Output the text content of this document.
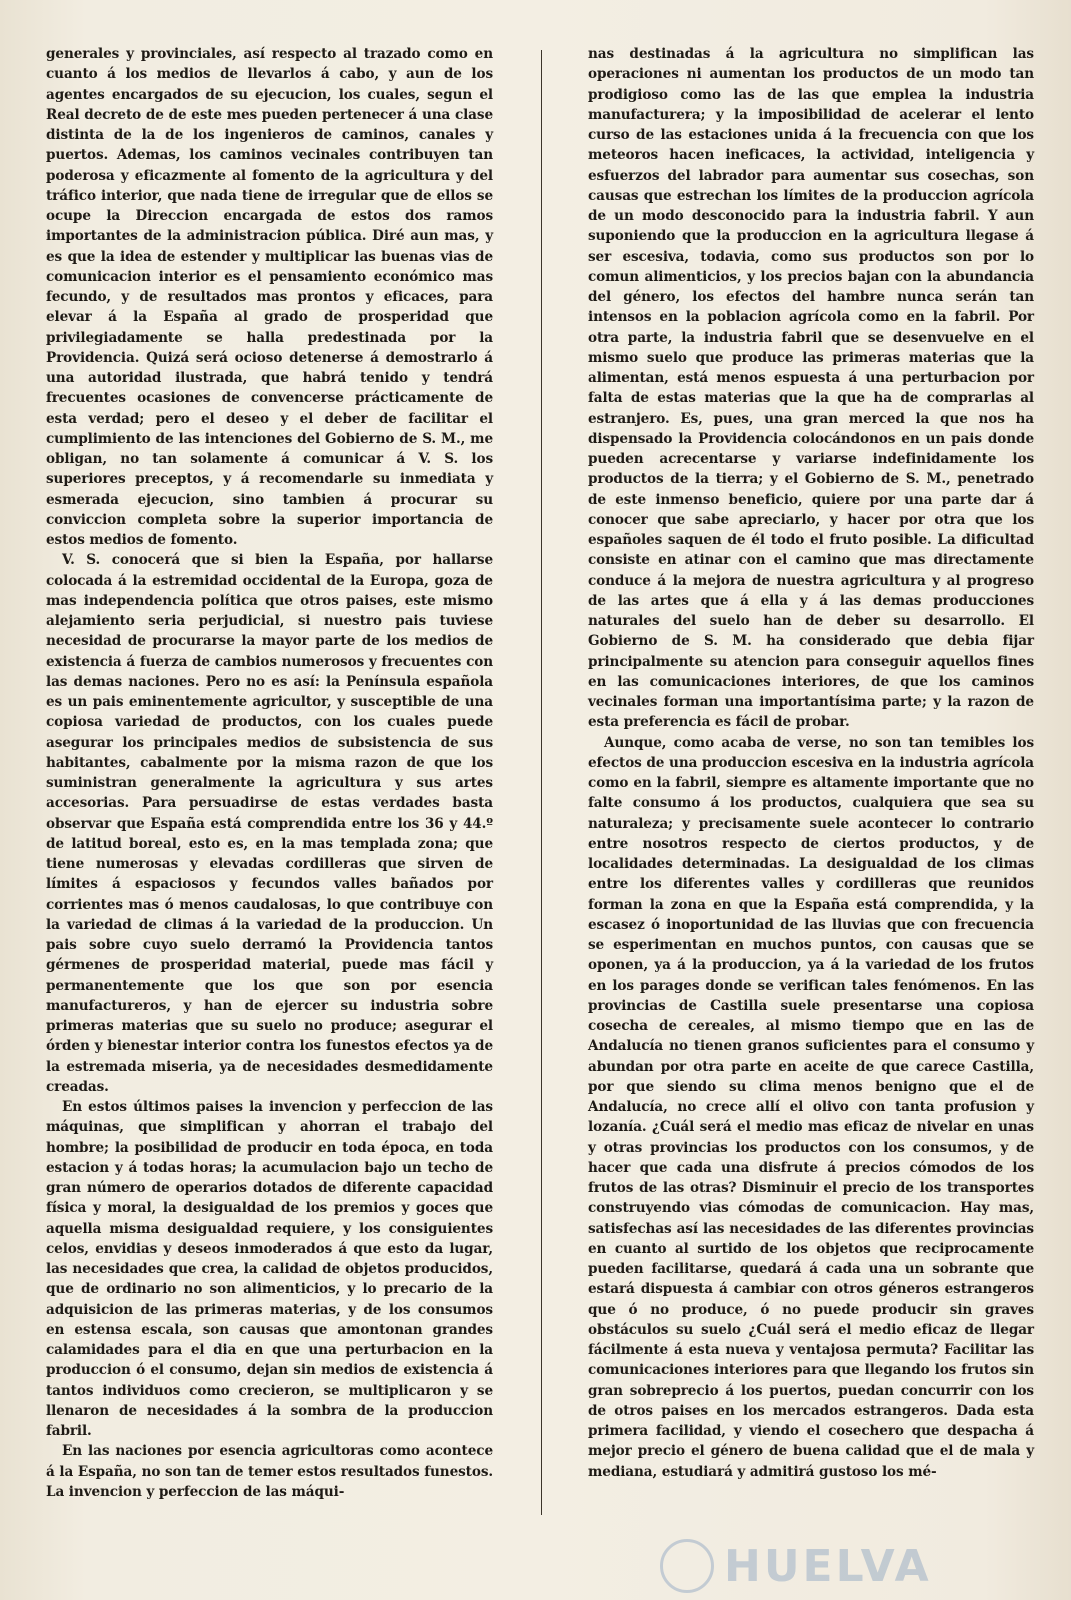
generales y provinciales, así respecto al trazado como en cuanto á los medios de llevarlos á cabo, y aun de los agentes encargados de su ejecucion, los cuales, segun el Real decreto de de este mes pueden pertenecer á una clase distinta de la de los ingenieros de caminos, canales y puertos. Ademas, los caminos vecinales contribuyen tan poderosa y eficazmente al fomento de la agricultura y del tráfico interior, que nada tiene de irregular que de ellos se ocupe la Direccion encargada de estos dos ramos importantes de la administracion pública. Diré aun mas, y es que la idea de estender y multiplicar las buenas vias de comunicacion interior es el pensamiento económico mas fecundo, y de resultados mas prontos y eficaces, para elevar á la España al grado de prosperidad que privilegiadamente se halla predestinada por la Providencia. Quizá será ocioso detenerse á demostrarlo á una autoridad ilustrada, que habrá tenido y tendrá frecuentes ocasiones de convencerse prácticamente de esta verdad; pero el deseo y el deber de facilitar el cumplimiento de las intenciones del Gobierno de S. M., me obligan, no tan solamente á comunicar á V. S. los superiores preceptos, y á recomendarle su inmediata y esmerada ejecucion, sino tambien á procurar su conviccion completa sobre la superior importancia de estos medios de fomento.

V. S. conocerá que si bien la España, por hallarse colocada á la estremidad occidental de la Europa, goza de mas independencia política que otros paises, este mismo alejamiento seria perjudicial, si nuestro pais tuviese necesidad de procurarse la mayor parte de los medios de existencia á fuerza de cambios numerosos y frecuentes con las demas naciones. Pero no es así: la Península española es un pais eminentemente agricultor, y susceptible de una copiosa variedad de productos, con los cuales puede asegurar los principales medios de subsistencia de sus habitantes, cabalmente por la misma razon de que los suministran generalmente la agricultura y sus artes accesorias. Para persuadirse de estas verdades basta observar que España está comprendida entre los 36 y 44.º de latitud boreal, esto es, en la mas templada zona; que tiene numerosas y elevadas cordilleras que sirven de límites á espaciosos y fecundos valles bañados por corrientes mas ó menos caudalosas, lo que contribuye con la variedad de climas á la variedad de la produccion. Un pais sobre cuyo suelo derramó la Providencia tantos gérmenes de prosperidad material, puede mas fácil y permanentemente que los que son por esencia manufactureros, y han de ejercer su industria sobre primeras materias que su suelo no produce; asegurar el órden y bienestar interior contra los funestos efectos ya de la estremada miseria, ya de necesidades desmedidamente creadas.

En estos últimos paises la invencion y perfeccion de las máquinas, que simplifican y ahorran el trabajo del hombre; la posibilidad de producir en toda época, en toda estacion y á todas horas; la acumulacion bajo un techo de gran número de operarios dotados de diferente capacidad física y moral, la desigualdad de los premios y goces que aquella misma desigualdad requiere, y los consiguientes celos, envidias y deseos inmoderados á que esto da lugar, las necesidades que crea, la calidad de objetos producidos, que de ordinario no son alimenticios, y lo precario de la adquisicion de las primeras materias, y de los consumos en estensa escala, son causas que amontonan grandes calamidades para el dia en que una perturbacion en la produccion ó el consumo, dejan sin medios de existencia á tantos individuos como crecieron, se multiplicaron y se llenaron de necesidades á la sombra de la produccion fabril.

En las naciones por esencia agricultoras como acontece á la España, no son tan de temer estos resultados funestos. La invencion y perfeccion de las máqui-

nas destinadas á la agricultura no simplifican las operaciones ni aumentan los productos de un modo tan prodigioso como las de las que emplea la industria manufacturera; y la imposibilidad de acelerar el lento curso de las estaciones unida á la frecuencia con que los meteoros hacen ineficaces, la actividad, inteligencia y esfuerzos del labrador para aumentar sus cosechas, son causas que estrechan los límites de la produccion agrícola de un modo desconocido para la industria fabril. Y aun suponiendo que la produccion en la agricultura llegase á ser escesiva, todavia, como sus productos son por lo comun alimenticios, y los precios bajan con la abundancia del género, los efectos del hambre nunca serán tan intensos en la poblacion agrícola como en la fabril. Por otra parte, la industria fabril que se desenvuelve en el mismo suelo que produce las primeras materias que la alimentan, está menos espuesta á una perturbacion por falta de estas materias que la que ha de comprarlas al estranjero. Es, pues, una gran merced la que nos ha dispensado la Providencia colocándonos en un pais donde pueden acrecentarse y variarse indefinidamente los productos de la tierra; y el Gobierno de S. M., penetrado de este inmenso beneficio, quiere por una parte dar á conocer que sabe apreciarlo, y hacer por otra que los españoles saquen de él todo el fruto posible. La dificultad consiste en atinar con el camino que mas directamente conduce á la mejora de nuestra agricultura y al progreso de las artes que á ella y á las demas producciones naturales del suelo han de deber su desarrollo. El Gobierno de S. M. ha considerado que debia fijar principalmente su atencion para conseguir aquellos fines en las comunicaciones interiores, de que los caminos vecinales forman una importantísima parte; y la razon de esta preferencia es fácil de probar.

Aunque, como acaba de verse, no son tan temibles los efectos de una produccion escesiva en la industria agrícola como en la fabril, siempre es altamente importante que no falte consumo á los productos, cualquiera que sea su naturaleza; y precisamente suele acontecer lo contrario entre nosotros respecto de ciertos productos, y de localidades determinadas. La desigualdad de los climas entre los diferentes valles y cordilleras que reunidos forman la zona en que la España está comprendida, y la escasez ó inoportunidad de las lluvias que con frecuencia se esperimentan en muchos puntos, con causas que se oponen, ya á la produccion, ya á la variedad de los frutos en los parages donde se verifican tales fenómenos. En las provincias de Castilla suele presentarse una copiosa cosecha de cereales, al mismo tiempo que en las de Andalucía no tienen granos suficientes para el consumo y abundan por otra parte en aceite de que carece Castilla, por que siendo su clima menos benigno que el de Andalucía, no crece allí el olivo con tanta profusion y lozanía. ¿Cuál será el medio mas eficaz de nivelar en unas y otras provincias los productos con los consumos, y de hacer que cada una disfrute á precios cómodos de los frutos de las otras? Disminuir el precio de los transportes construyendo vias cómodas de comunicacion. Hay mas, satisfechas así las necesidades de las diferentes provincias en cuanto al surtido de los objetos que reciprocamente pueden facilitarse, quedará á cada una un sobrante que estará dispuesta á cambiar con otros géneros estrangeros que ó no produce, ó no puede producir sin graves obstáculos su suelo ¿Cuál será el medio eficaz de llegar fácilmente á esta nueva y ventajosa permuta? Facilitar las comunicaciones interiores para que llegando los frutos sin gran sobreprecio á los puertos, puedan concurrir con los de otros paises en los mercados estrangeros. Dada esta primera facilidad, y viendo el cosechero que despacha á mejor precio el género de buena calidad que el de mala y mediana, estudiará y admitirá gustoso los mé-

HUELVA
